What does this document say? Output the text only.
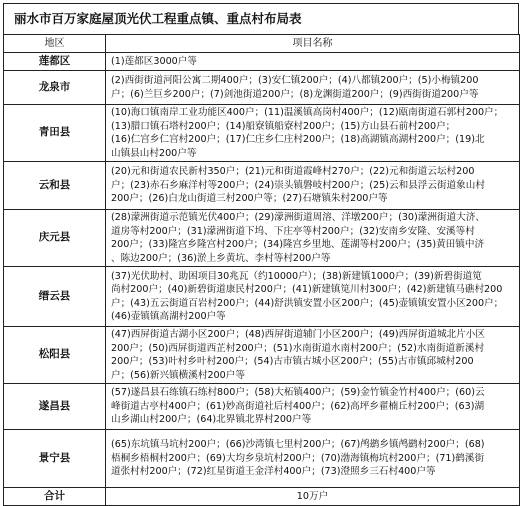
丽水市百万家庭屋顶光伏工程重点镇、重点村布局表
地区	项目名称
莲都区	(1)莲都区3000户等

龙泉市	(2)西街街道河阳公寓二期400户；(3)安仁镇200户；(4)八都镇200户；(5)小梅镇200
户；(6)兰巨乡200户；(7)剑池街道200户；(8)龙渊街道200户；(9)西街街道200户等

青田县	(10)海口镇南岸工业功能区400户；(11)温溪镇高岗村400户；(12)瓯南街道石郭村200户；
(13)腊口镇石塔村200户；(14)船寮镇船寮村200户；(15)方山县石前村200户；
(16)仁宫乡仁宫村200户；(17)仁庄乡仁庄村200户；(18)高湖镇高湖村200户；(19)北
山镇县山村200户等

云和县	(20)元和街道农民新村350户；(21)元和街道霞峰村270户；(22)元和街道云坛村200
户；(23)赤石乡麻洋村等200户；(24)崇头镇磐岐村200户；(25)云和县浮云街道象山村
200户；(26)白龙山街道三村200户等；(27)石塘镇朱村200户等

庆元县	(28)濛洲街道示范镇光伏400户；(29)濛洲街道周溶、洋墩200户；(30)濛洲街道大济、
道房等村200户；(31)濛洲街道下坞、下庄亭等村200户；(32)安南乡安隆、安溪等村
200户；(33)隆宫乡隆宫村200户；(34)隆宫乡里地、莲湖等村200户；(35)黄田镇中济
、陈边200户；(36)淤上乡黄坑、李村等村200户等

缙云县	(37)光伏助村、助困项目30兆瓦（约10000户）；(38)新建镇1000户；(39)新碧街道笕
尚村200户；(40)新碧街道康民村200户；(41)新建镇笕川村300户；(42)新建镇马礁村200
户；(43)五云街道百岩村200户；(44)舒洪镇安置小区200户；(45)壶镇镇安置小区200户；
(46)壶镇镇高湖村200户等

松阳县	(47)西屏街道古湖小区200户；(48)西屏街道辅门小区200户；(49)西屏街道城北片小区
200户；(50)西屏街道西芷村200户；(51)水南街道水南村200户；(52)水南街道新溪村
200户；(53)叶村乡叶村200户；(54)古市镇古城小区200户；(55)古市镇邱城村200
户；(56)新兴镇横溪村200户等

遂昌县	(57)遂昌县石练镇石练村800户；(58)大柘镇400户；(59)金竹镇金竹村400户；(60)云
峰街道古亭村400户；(61)妙高街道社后村400户；(62)高坪乡翟楠丘村200户；(63)湖
山乡湖山村200户；(64)北界镇北界村200户等

景宁县	(65)东坑镇马坑村200户；(66)沙湾镇七里村200户；(67)鸬鹚乡镇鸬鹚村200户；(68)
梧桐乡梧桐村200户；(69)大均乡泉坑村200户；(70)渤海镇梅坑村200户；(71)鹤溪街
道张村村200户；(72)红星街道王金洋村400户；(73)澄照乡三石村400户等

合计	10万户
